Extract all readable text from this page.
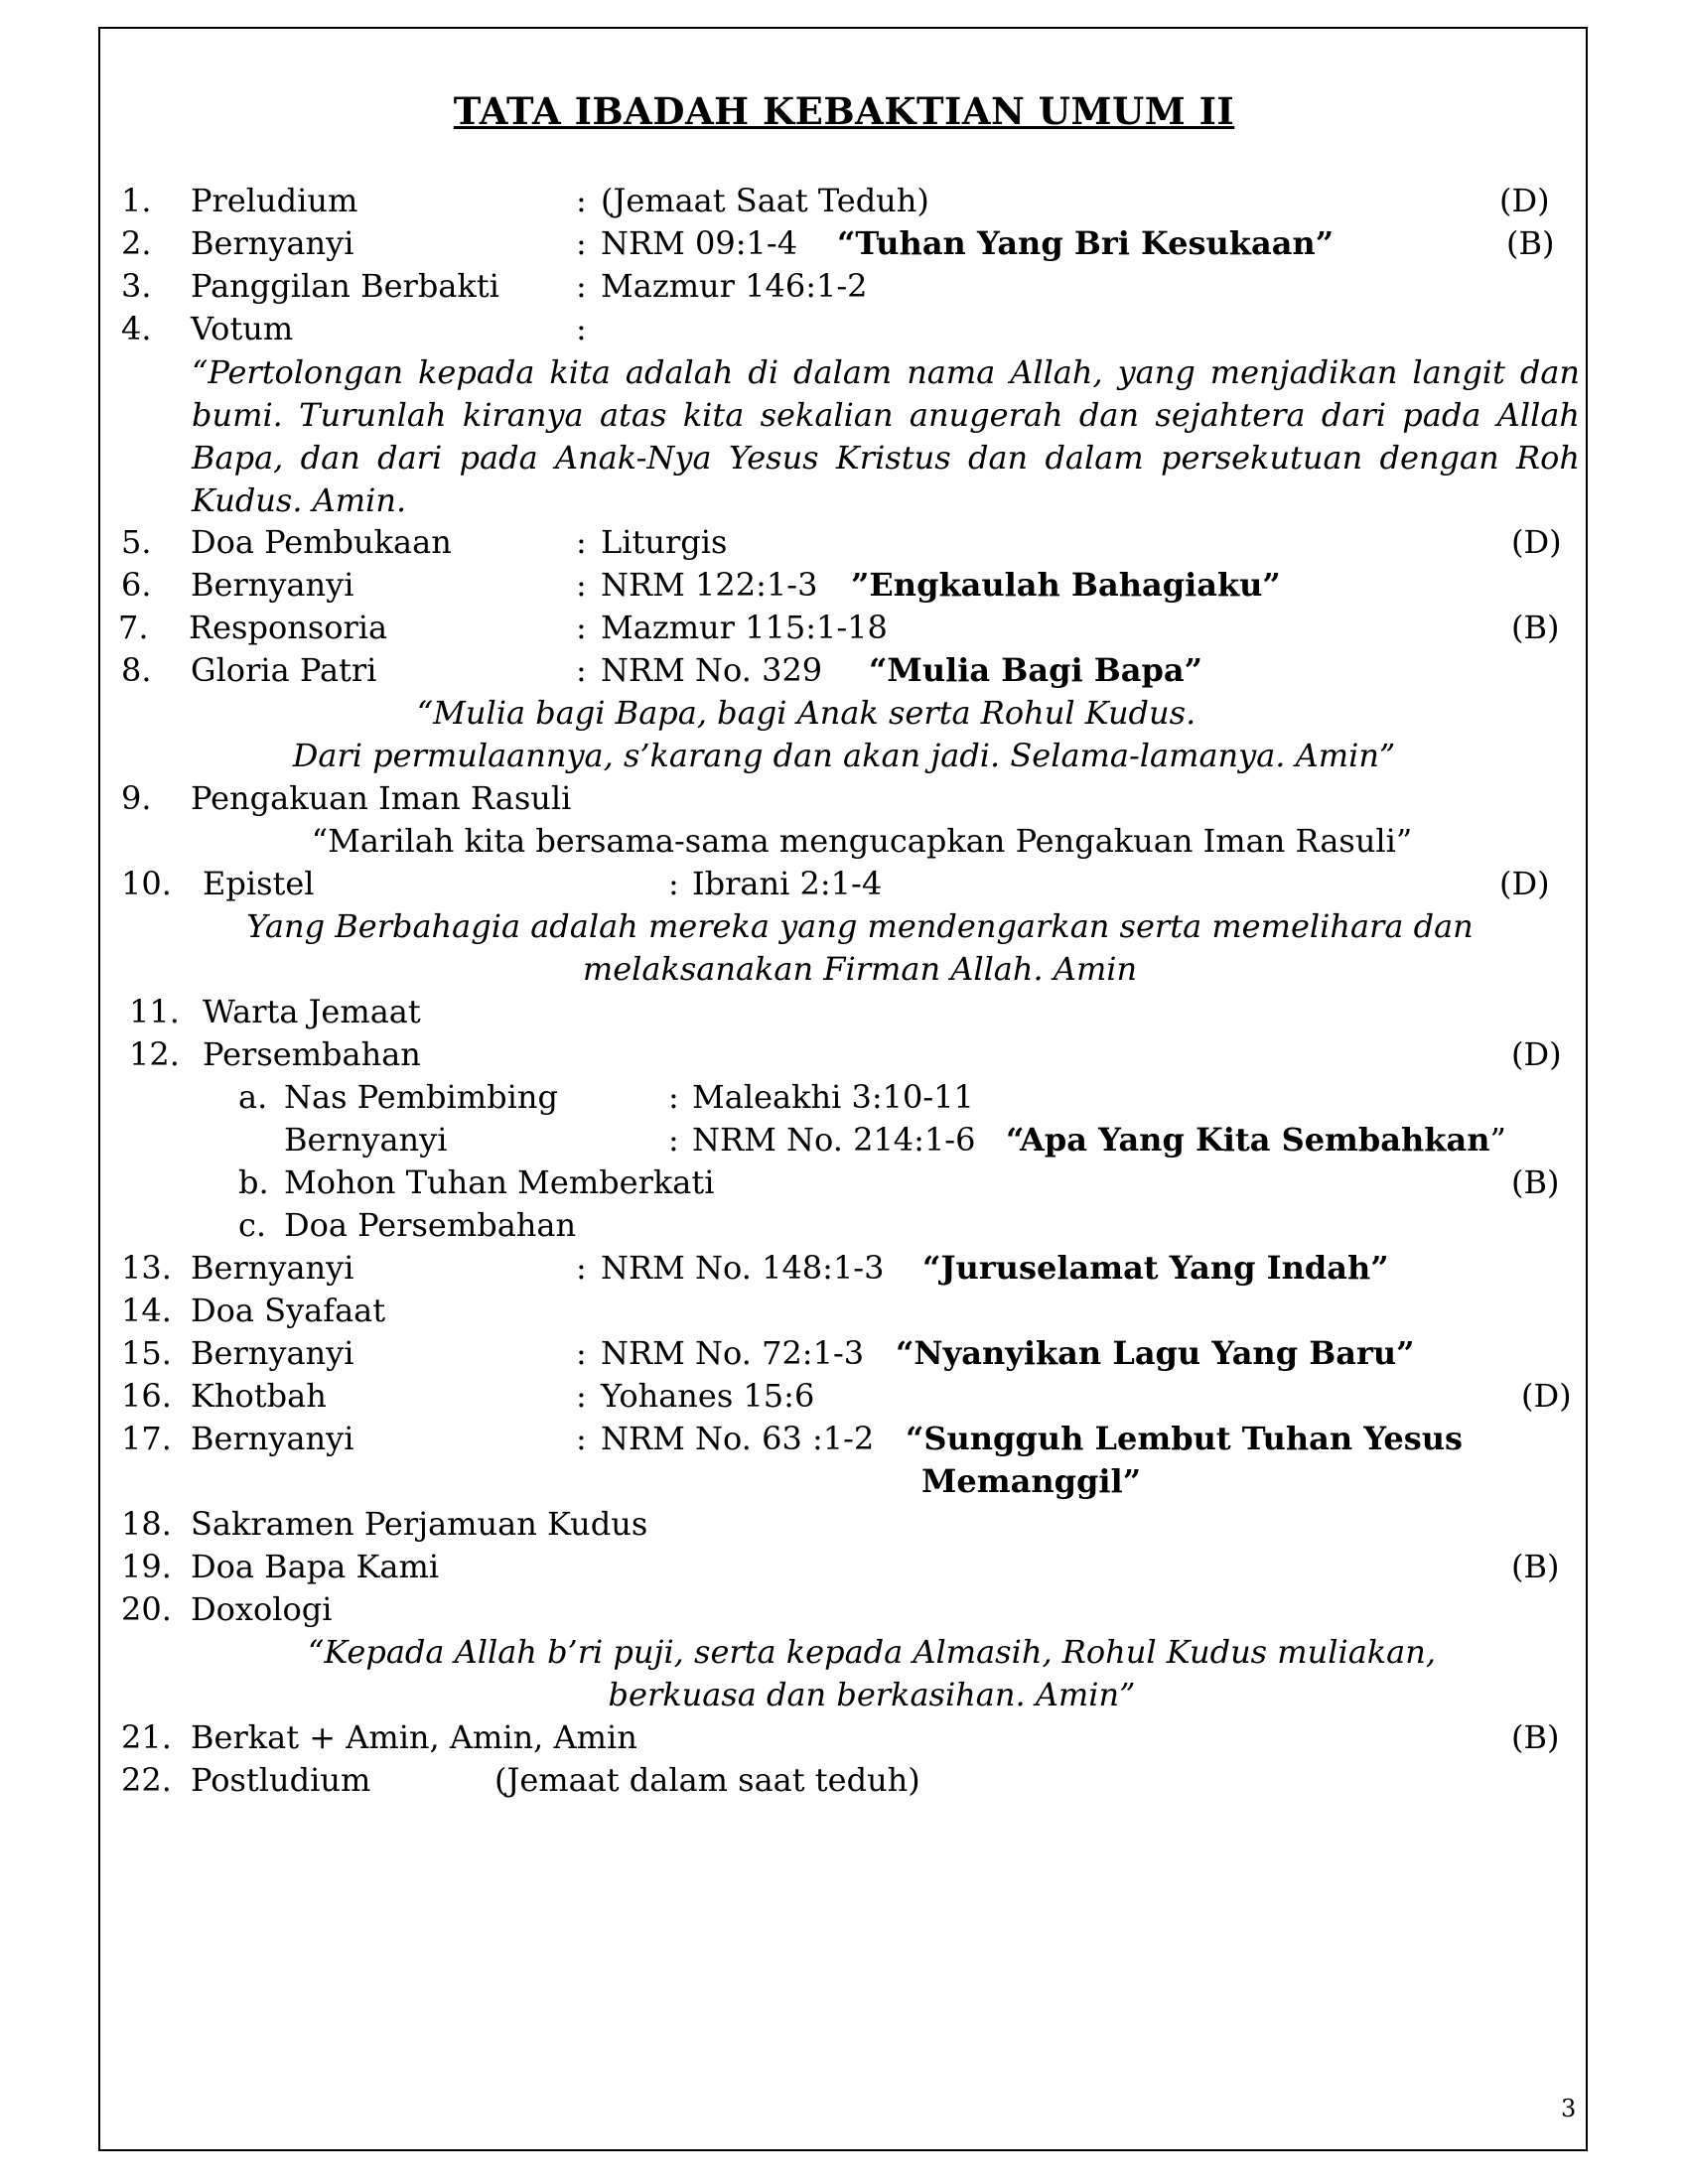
TATA IBADAH KEBAKTIAN UMUM II
1. Preludium	: (Jemaat Saat Teduh)	(D)
2. Bernyanyi	: NRM 09:1-4 “Tuhan Yang Bri Kesukaan”	(B)
3. Panggilan Berbakti : Mazmur 146:1-2
4. Votum	:
“Pertolongan kepada kita adalah di dalam nama Allah, yang menjadikan langit dan bumi. Turunlah kiranya atas kita sekalian anugerah dan sejahtera dari pada Allah Bapa, dan dari pada Anak-Nya Yesus Kristus dan dalam persekutuan dengan Roh Kudus. Amin.
5. Doa Pembukaan	: Liturgis	(D)
6. Bernyanyi	: NRM 122:1-3 ”Engkaulah Bahagiaku”
7. Responsoria	: Mazmur 115:1-18	(B)
8. Gloria Patri	: NRM No. 329 “Mulia Bagi Bapa”
“Mulia bagi Bapa, bagi Anak serta Rohul Kudus.
Dari permulaannya, s’karang dan akan jadi. Selama-lamanya. Amin”
9. Pengakuan Iman Rasuli
“Marilah kita bersama-sama mengucapkan Pengakuan Iman Rasuli”
10. Epistel	: Ibrani 2:1-4	(D)
Yang Berbahagia adalah mereka yang mendengarkan serta memelihara dan
melaksanakan Firman Allah. Amin
11. Warta Jemaat
12. Persembahan	(D)
a. Nas Pembimbing	: Maleakhi 3:10-11
Bernyanyi	: NRM No. 214:1-6 “Apa Yang Kita Sembahkan”
b. Mohon Tuhan Memberkati	(B)
c. Doa Persembahan
13. Bernyanyi	: NRM No. 148:1-3 “Juruselamat Yang Indah”
14. Doa Syafaat
15. Bernyanyi	: NRM No. 72:1-3 “Nyanyikan Lagu Yang Baru”
16. Khotbah	: Yohanes 15:6	(D)
17. Bernyanyi	: NRM No. 63 :1-2 “Sungguh Lembut Tuhan Yesus
Memanggil”
18. Sakramen Perjamuan Kudus
19. Doa Bapa Kami	(B)
20. Doxologi
“Kepada Allah b’ri puji, serta kepada Almasih, Rohul Kudus muliakan,
berkuasa dan berkasihan. Amin”
21. Berkat + Amin, Amin, Amin	(B)
22. Postludium	(Jemaat dalam saat teduh)
3
